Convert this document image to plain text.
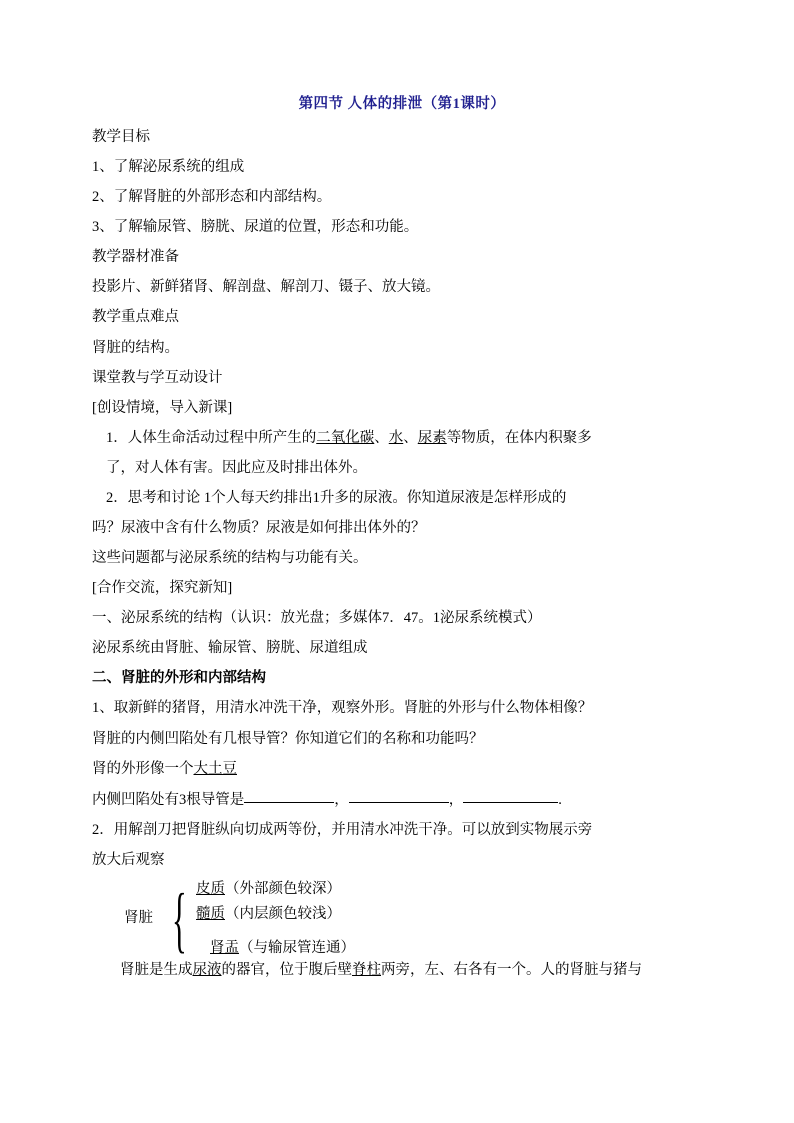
第四节 人体的排泄（第1课时）

教学目标

1、了解泌尿系统的组成

2、了解肾脏的外部形态和内部结构。

3、了解输尿管、膀胱、尿道的位置，形态和功能。

教学器材准备

投影片、新鲜猪肾、解剖盘、解剖刀、镊子、放大镜。

教学重点难点

肾脏的结构。

课堂教与学互动设计

[创设情境，导入新课]

1．人体生命活动过程中所产生的二氧化碳、水、尿素等物质，在体内积聚多

了，对人体有害。因此应及时排出体外。

2．思考和讨论 1个人每天约排出1升多的尿液。你知道尿液是怎样形成的

吗？尿液中含有什么物质？尿液是如何排出体外的？

这些问题都与泌尿系统的结构与功能有关。

[合作交流，探究新知]

一、泌尿系统的结构（认识：放光盘；多媒体7．47。1泌尿系统模式）

泌尿系统由肾脏、输尿管、膀胱、尿道组成

二、肾脏的外形和内部结构

1、取新鲜的猪肾，用清水冲洗干净，观察外形。肾脏的外形与什么物体相像？

肾脏的内侧凹陷处有几根导管？你知道它们的名称和功能吗？

肾的外形像一个大土豆

内侧凹陷处有3根导管是	，	，	.

2．用解剖刀把肾脏纵向切成两等份，并用清水冲洗干净。可以放到实物展示旁

放大后观察

肾脏 { 皮质（外部颜色较深）
髓质（内层颜色较浅）
肾盂（与输尿管连通）

肾脏是生成尿液的器官，位于腹后壁脊柱两旁，左、右各有一个。人的肾脏与猪与
